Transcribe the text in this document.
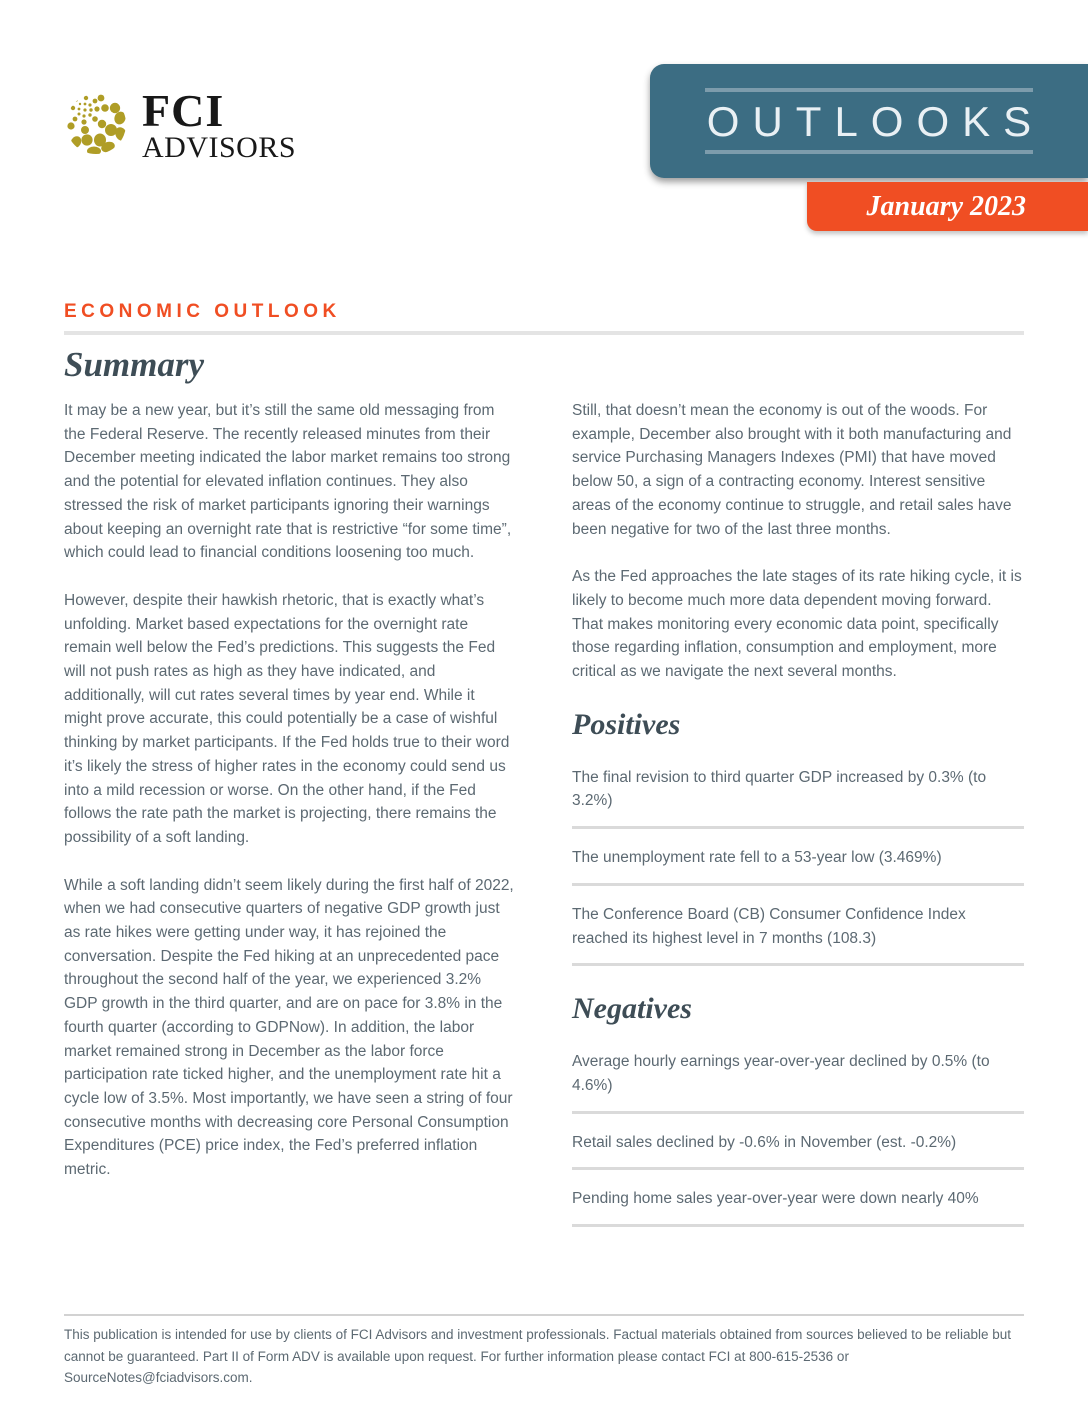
FCI
ADVISORS
OUTLOOKS
January 2023
ECONOMIC OUTLOOK
Summary

It may be a new year, but it’s still the same old messaging from the Federal Reserve. The recently released minutes from their December meeting indicated the labor market remains too strong and the potential for elevated inflation continues. They also stressed the risk of market participants ignoring their warnings about keeping an overnight rate that is restrictive “for some time”, which could lead to financial conditions loosening too much.

However, despite their hawkish rhetoric, that is exactly what’s unfolding. Market based expectations for the overnight rate remain well below the Fed’s predictions. This suggests the Fed will not push rates as high as they have indicated, and additionally, will cut rates several times by year end. While it might prove accurate, this could potentially be a case of wishful thinking by market participants. If the Fed holds true to their word it’s likely the stress of higher rates in the economy could send us into a mild recession or worse. On the other hand, if the Fed follows the rate path the market is projecting, there remains the possibility of a soft landing.

While a soft landing didn’t seem likely during the first half of 2022, when we had consecutive quarters of negative GDP growth just as rate hikes were getting under way, it has rejoined the conversation. Despite the Fed hiking at an unprecedented pace throughout the second half of the year, we experienced 3.2% GDP growth in the third quarter, and are on pace for 3.8% in the fourth quarter (according to GDPNow). In addition, the labor market remained strong in December as the labor force participation rate ticked higher, and the unemployment rate hit a cycle low of 3.5%. Most importantly, we have seen a string of four consecutive months with decreasing core Personal Consumption Expenditures (PCE) price index, the Fed’s preferred inflation metric.

Still, that doesn’t mean the economy is out of the woods. For example, December also brought with it both manufacturing and service Purchasing Managers Indexes (PMI) that have moved below 50, a sign of a contracting economy. Interest sensitive areas of the economy continue to struggle, and retail sales have been negative for two of the last three months.

As the Fed approaches the late stages of its rate hiking cycle, it is likely to become much more data dependent moving forward. That makes monitoring every economic data point, specifically those regarding inflation, consumption and employment, more critical as we navigate the next several months.

Positives
The final revision to third quarter GDP increased by 0.3% (to 3.2%)
The unemployment rate fell to a 53-year low (3.469%)
The Conference Board (CB) Consumer Confidence Index reached its highest level in 7 months (108.3)
Negatives
Average hourly earnings year-over-year declined by 0.5% (to 4.6%)
Retail sales declined by -0.6% in November (est. -0.2%)
Pending home sales year-over-year were down nearly 40%

This publication is intended for use by clients of FCI Advisors and investment professionals. Factual materials obtained from sources believed to be reliable but cannot be guaranteed. Part II of Form ADV is available upon request. For further information please contact FCI at 800-615-2536 or SourceNotes@fciadvisors.com.
